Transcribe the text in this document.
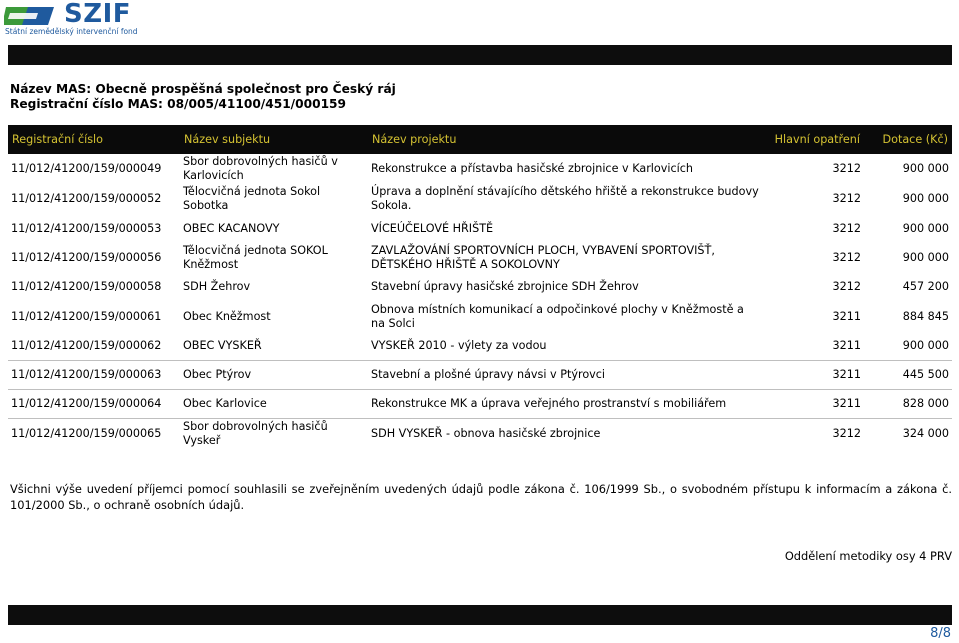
SZIF
Státní zemědělský intervenční fond
Název MAS: Obecně prospěšná společnost pro Český ráj
Registrační číslo MAS: 08/005/41100/451/000159
Registrační číslo	Název subjektu	Název projektu	Hlavní opatření	Dotace (Kč)
11/012/41200/159/000049	Sbor dobrovolných hasičů v Karlovicích	Rekonstrukce a přístavba hasičské zbrojnice v Karlovicích	3212	900 000
11/012/41200/159/000052	Tělocvičná jednota Sokol Sobotka	Úprava a doplnění stávajícího dětského hřiště a rekonstrukce budovy Sokola.	3212	900 000
11/012/41200/159/000053	OBEC KACANOVY	VÍCEÚČELOVÉ HŘIŠTĚ	3212	900 000
11/012/41200/159/000056	Tělocvičná jednota SOKOL Kněžmost	ZAVLAŽOVÁNÍ SPORTOVNÍCH PLOCH, VYBAVENÍ SPORTOVIŠŤ, DĚTSKÉHO HŘIŠTĚ A SOKOLOVNY	3212	900 000
11/012/41200/159/000058	SDH Žehrov	Stavební úpravy hasičské zbrojnice SDH Žehrov	3212	457 200
11/012/41200/159/000061	Obec Kněžmost	Obnova místních komunikací a odpočinkové plochy v Kněžmostě a na Solci	3211	884 845
11/012/41200/159/000062	OBEC VYSKEŘ	VYSKEŘ 2010 - výlety za vodou	3211	900 000
11/012/41200/159/000063	Obec Ptýrov	Stavební a plošné úpravy návsi v Ptýrovci	3211	445 500
11/012/41200/159/000064	Obec Karlovice	Rekonstrukce MK a úprava veřejného prostranství s mobiliářem	3211	828 000
11/012/41200/159/000065	Sbor dobrovolných hasičů Vyskeř	SDH VYSKEŘ - obnova hasičské zbrojnice	3212	324 000
Všichni výše uvedení příjemci pomocí souhlasili se zveřejněním uvedených údajů podle zákona č. 106/1999 Sb., o svobodném přístupu k informacím a zákona č. 101/2000 Sb., o ochraně osobních údajů.
Oddělení metodiky osy 4 PRV
8/8
